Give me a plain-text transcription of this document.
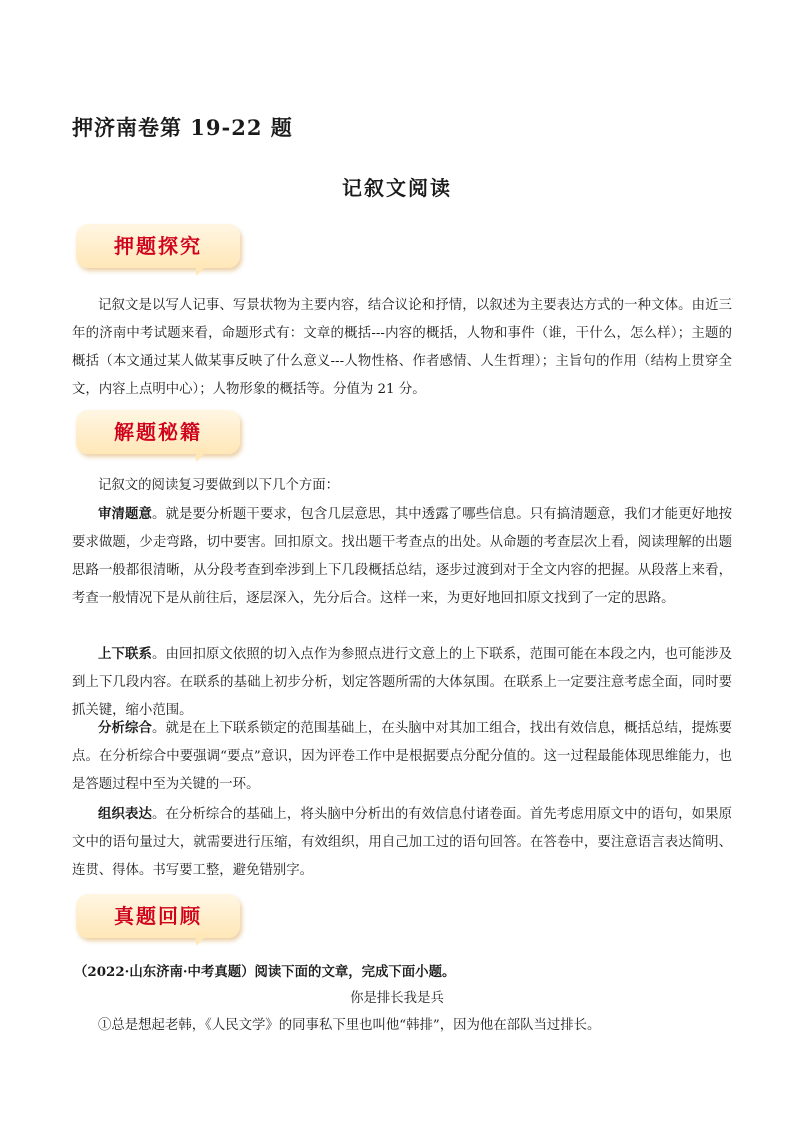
押济南卷第 19-22 题
记叙文阅读
押题探究

记叙文是以写人记事、写景状物为主要内容，结合议论和抒情，以叙述为主要表达方式的一种文体。由近三年的济南中考试题来看，命题形式有：文章的概括---内容的概括，人物和事件（谁，干什么，怎么样）；主题的概括（本文通过某人做某事反映了什么意义---人物性格、作者感情、人生哲理）；主旨句的作用（结构上贯穿全文，内容上点明中心）；人物形象的概括等。分值为 21 分。

解题秘籍

记叙文的阅读复习要做到以下几个方面：

审清题意。就是要分析题干要求，包含几层意思，其中透露了哪些信息。只有搞清题意，我们才能更好地按要求做题，少走弯路，切中要害。回扣原文。找出题干考查点的出处。从命题的考查层次上看，阅读理解的出题思路一般都很清晰，从分段考查到牵涉到上下几段概括总结，逐步过渡到对于全文内容的把握。从段落上来看，考查一般情况下是从前往后，逐层深入，先分后合。这样一来，为更好地回扣原文找到了一定的思路。

上下联系。由回扣原文依照的切入点作为参照点进行文意上的上下联系，范围可能在本段之内，也可能涉及到上下几段内容。在联系的基础上初步分析，划定答题所需的大体氛围。在联系上一定要注意考虑全面，同时要抓关键，缩小范围。

分析综合。就是在上下联系锁定的范围基础上，在头脑中对其加工组合，找出有效信息，概括总结，提炼要点。在分析综合中要强调“要点”意识，因为评卷工作中是根据要点分配分值的。这一过程最能体现思维能力，也是答题过程中至为关键的一环。

组织表达。在分析综合的基础上，将头脑中分析出的有效信息付诸卷面。首先考虑用原文中的语句，如果原文中的语句量过大，就需要进行压缩，有效组织，用自己加工过的语句回答。在答卷中，要注意语言表达简明、连贯、得体。书写要工整，避免错别字。

真题回顾

（2022·山东济南·中考真题）阅读下面的文章，完成下面小题。

你是排长我是兵

①总是想起老韩，《人民文学》的同事私下里也叫他“韩排”，因为他在部队当过排长。
